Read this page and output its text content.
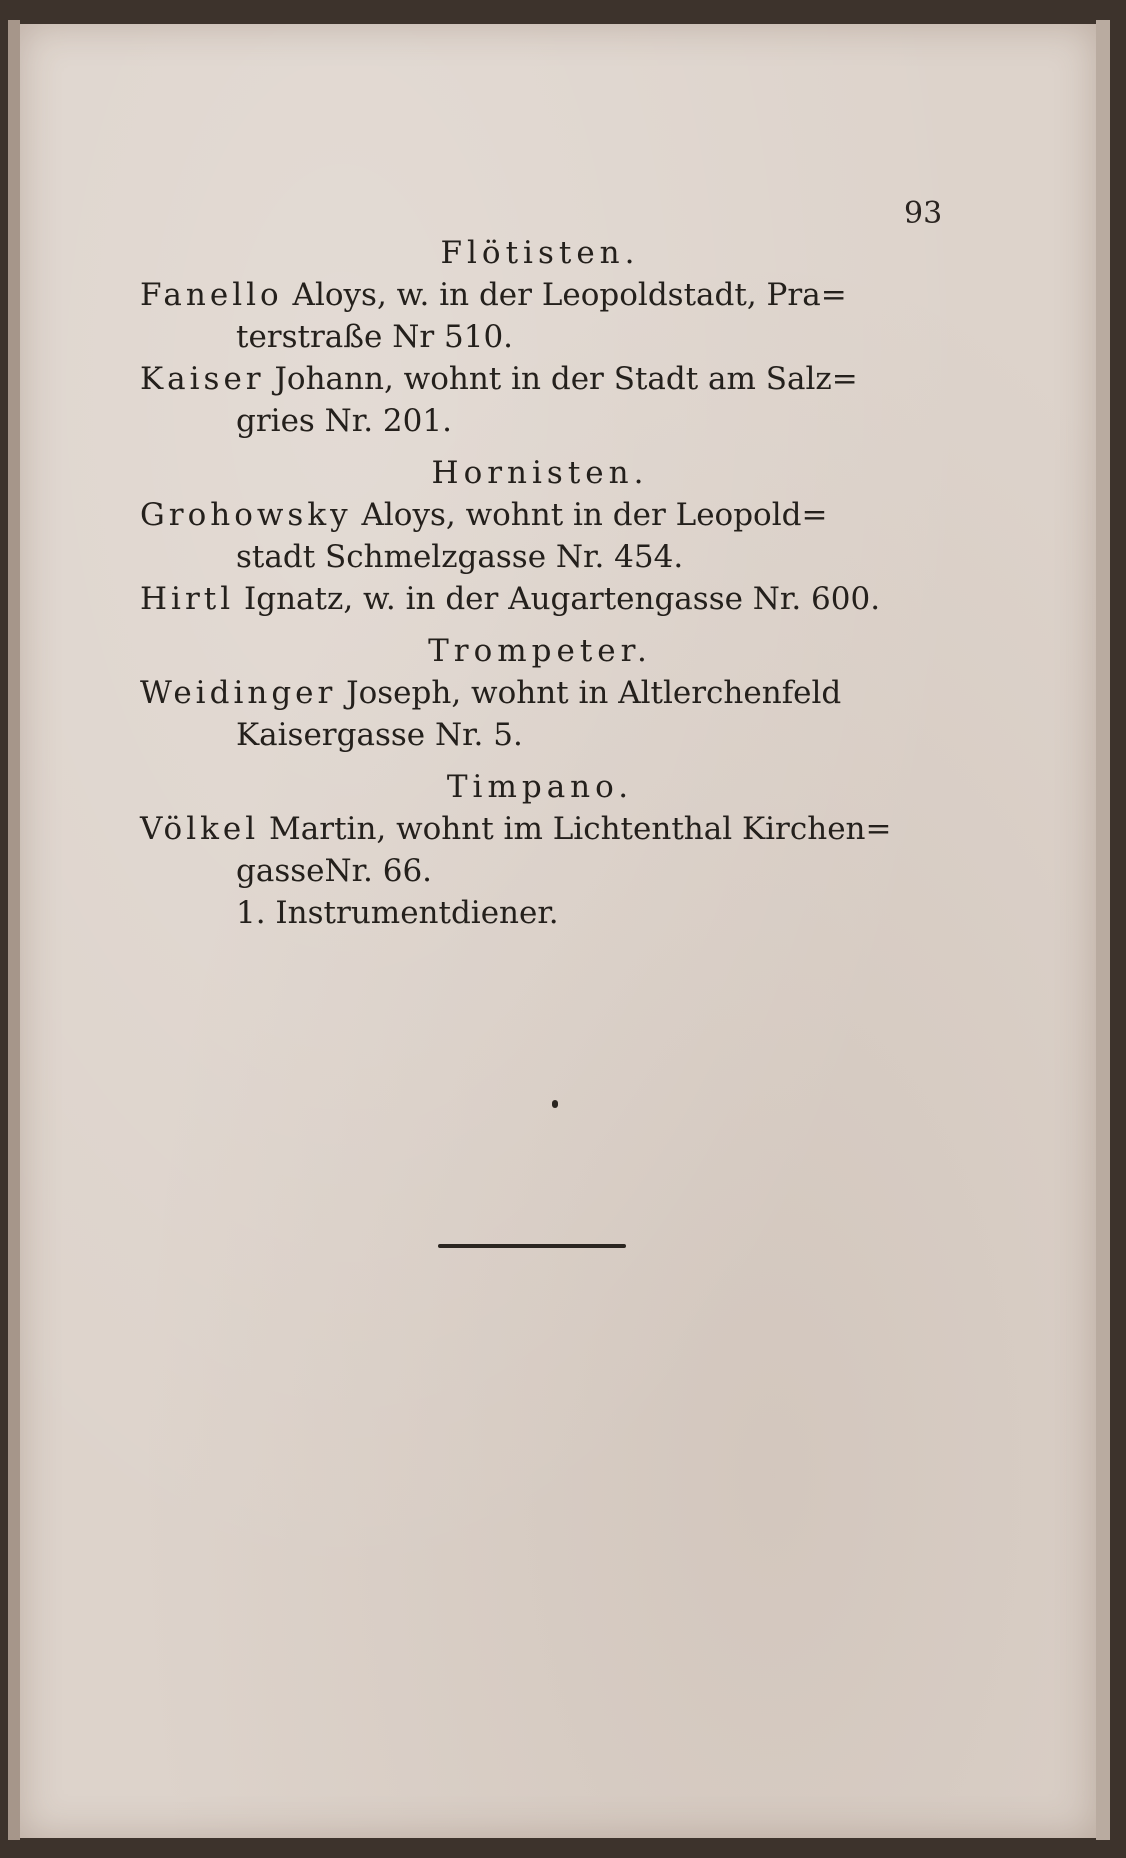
93

Flötisten.

Fanello Aloys, w. in der Leopoldstadt, Pra=
terstraße Nr 510.

Kaiser Johann, wohnt in der Stadt am Salz=
gries Nr. 201.

Hornisten.

Grohowsky Aloys, wohnt in der Leopold=
stadt Schmelzgasse Nr. 454.

Hirtl Ignatz, w. in der Augartengasse Nr. 600.

Trompeter.

Weidinger Joseph, wohnt in Altlerchenfeld
Kaisergasse Nr. 5.

Timpano.

Völkel Martin, wohnt im Lichtenthal Kirchen=
gasseNr. 66.

1. Instrumentdiener.
